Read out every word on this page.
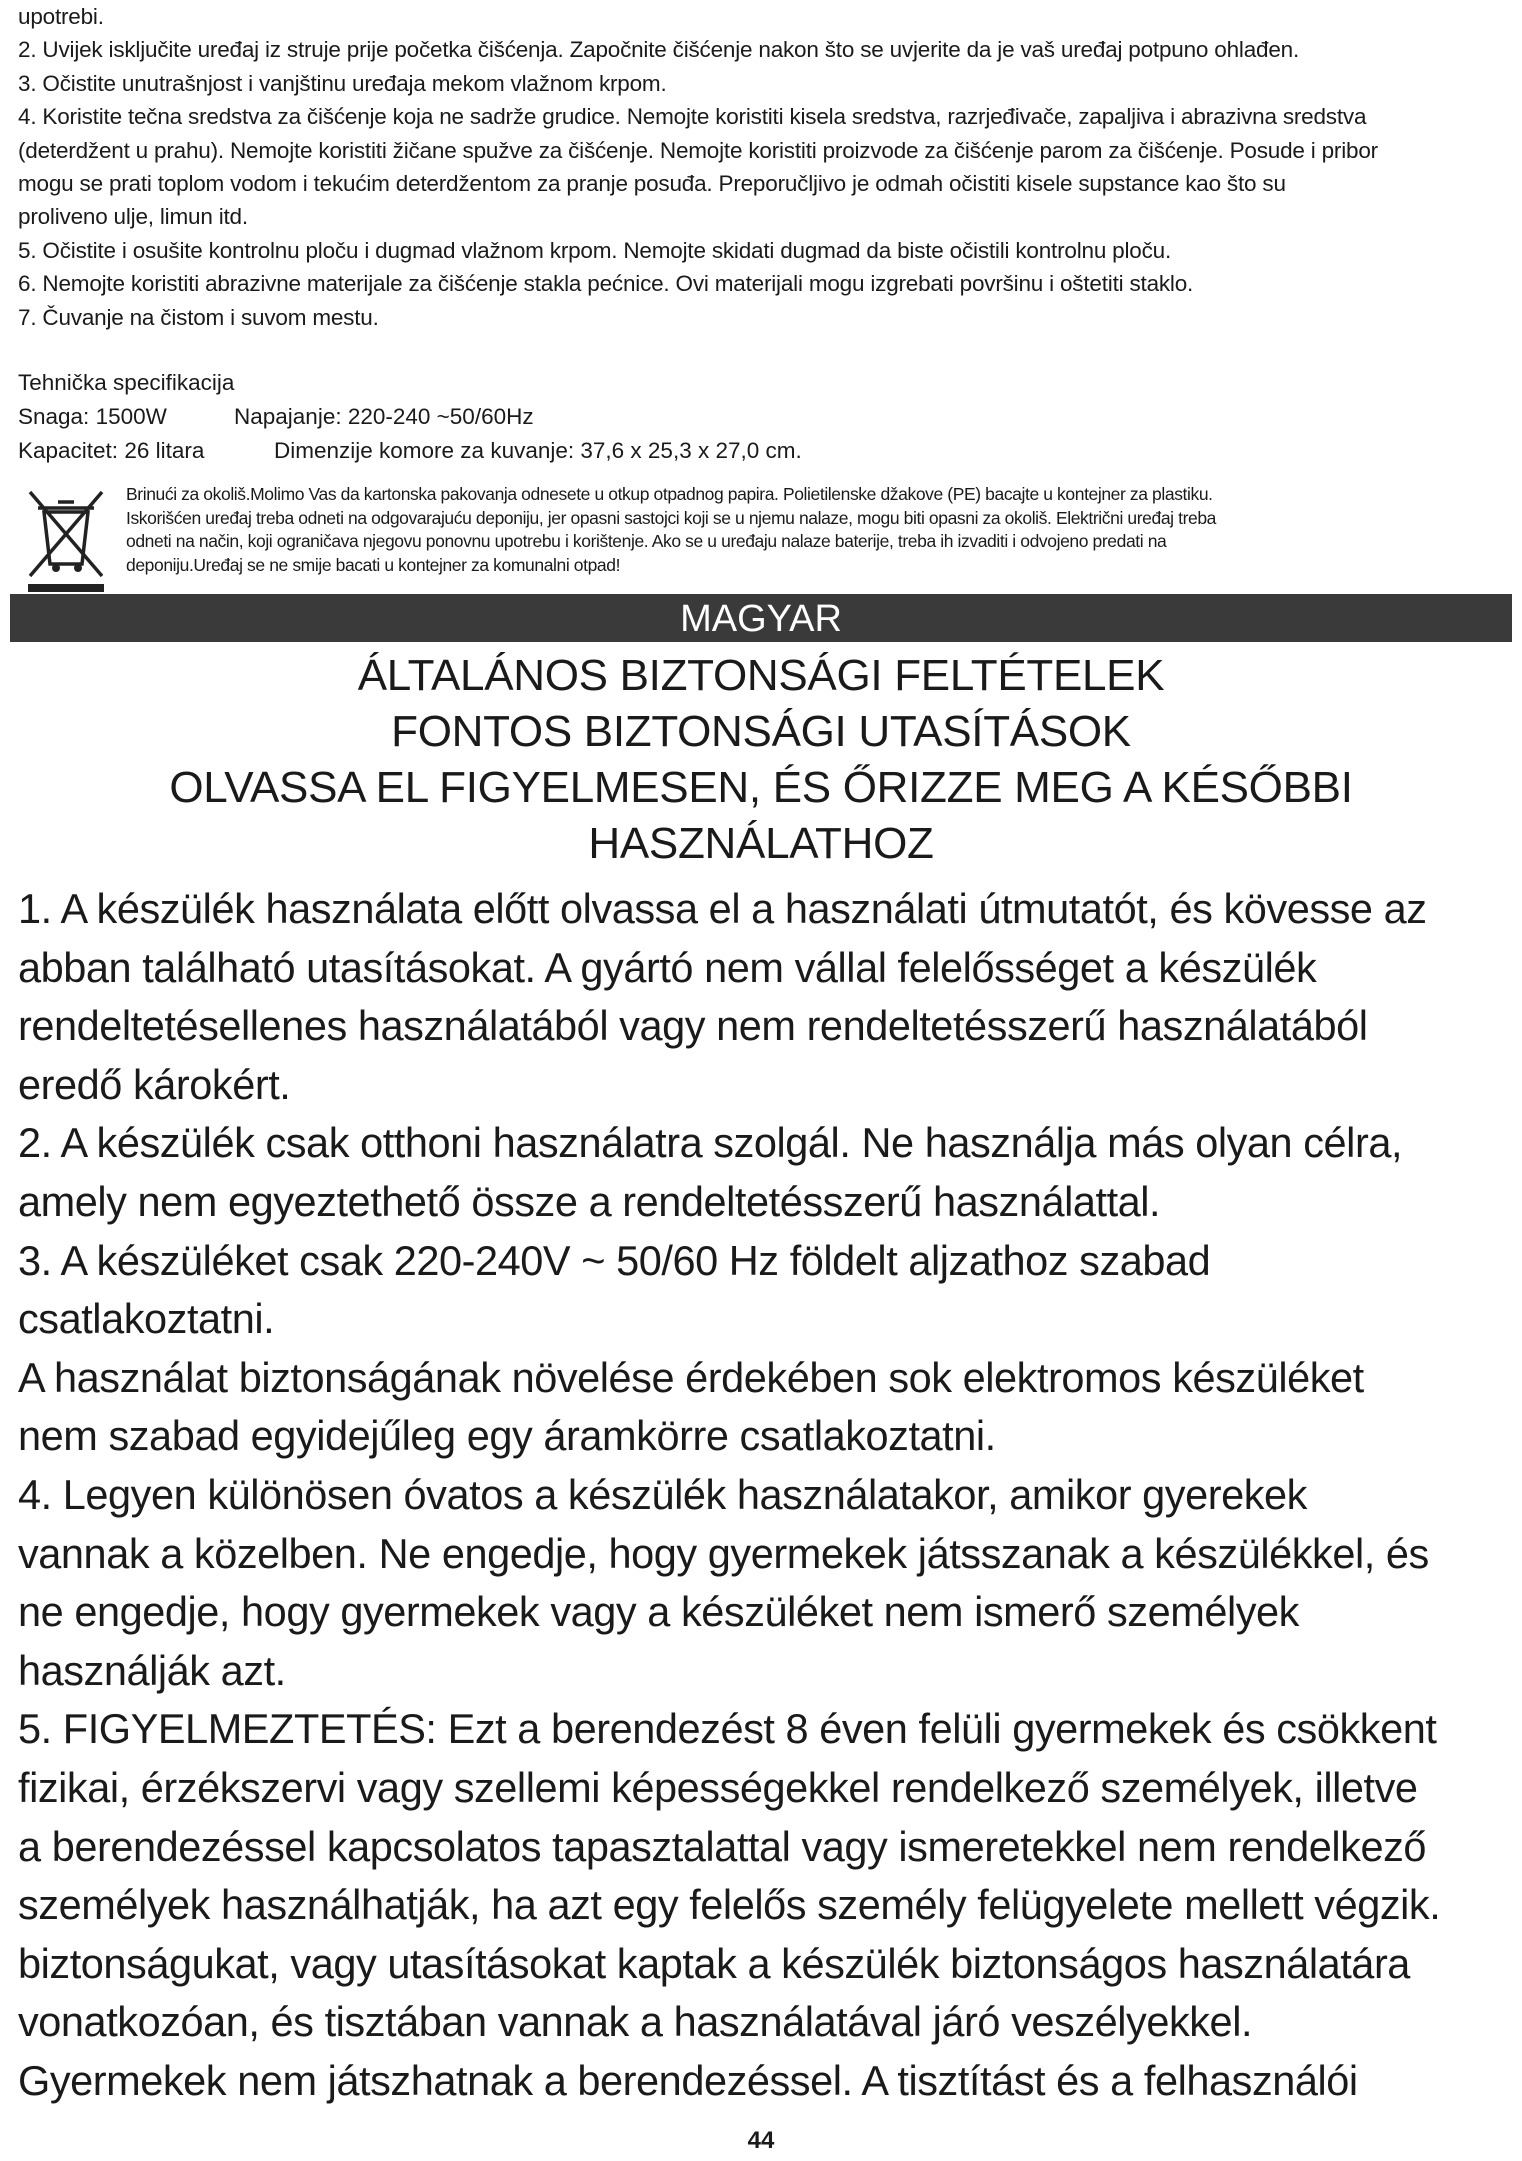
upotrebi.

2. Uvijek isključite uređaj iz struje prije početka čišćenja. Započnite čišćenje nakon što se uvjerite da je vaš uređaj potpuno ohlađen.

3. Očistite unutrašnjost i vanjštinu uređaja mekom vlažnom krpom.

4. Koristite tečna sredstva za čišćenje koja ne sadrže grudice. Nemojte koristiti kisela sredstva, razrjeđivače, zapaljiva i abrazivna sredstva

(deterdžent u prahu). Nemojte koristiti žičane spužve za čišćenje. Nemojte koristiti proizvode za čišćenje parom za čišćenje. Posude i pribor

mogu se prati toplom vodom i tekućim deterdžentom za pranje posuđa. Preporučljivo je odmah očistiti kisele supstance kao što su

proliveno ulje, limun itd.

5. Očistite i osušite kontrolnu ploču i dugmad vlažnom krpom. Nemojte skidati dugmad da biste očistili kontrolnu ploču.

6. Nemojte koristiti abrazivne materijale za čišćenje stakla pećnice. Ovi materijali mogu izgrebati površinu i oštetiti staklo.

7. Čuvanje na čistom i suvom mestu.

Tehnička specifikacija
Snaga: 1500W	Napajanje: 220-240 ~50/60Hz
Kapacitet: 26 litara	Dimenzije komore za kuvanje: 37,6 x 25,3 x 27,0 cm.

Brinući za okoliš.Molimo Vas da kartonska pakovanja odnesete u otkup otpadnog papira. Polietilenske džakove (PE) bacajte u kontejner za plastiku.

Iskorišćen uređaj treba odneti na odgovarajuću deponiju, jer opasni sastojci koji se u njemu nalaze, mogu biti opasni za okoliš. Električni uređaj treba

odneti na način, koji ograničava njegovu ponovnu upotrebu i korištenje. Ako se u uređaju nalaze baterije, treba ih izvaditi i odvojeno predati na

deponiju.Uređaj se ne smije bacati u kontejner za komunalni otpad!

MAGYAR
ÁLTALÁNOS BIZTONSÁGI FELTÉTELEK
FONTOS BIZTONSÁGI UTASÍTÁSOK
OLVASSA EL FIGYELMESEN, ÉS ŐRIZZE MEG A KÉSŐBBI
HASZNÁLATHOZ

1. A készülék használata előtt olvassa el a használati útmutatót, és kövesse az

abban található utasításokat. A gyártó nem vállal felelősséget a készülék

rendeltetésellenes használatából vagy nem rendeltetésszerű használatából

eredő károkért.

2. A készülék csak otthoni használatra szolgál. Ne használja más olyan célra,

amely nem egyeztethető össze a rendeltetésszerű használattal.

3. A készüléket csak 220-240V ~ 50/60 Hz földelt aljzathoz szabad

csatlakoztatni.

A használat biztonságának növelése érdekében sok elektromos készüléket

nem szabad egyidejűleg egy áramkörre csatlakoztatni.

4. Legyen különösen óvatos a készülék használatakor, amikor gyerekek

vannak a közelben. Ne engedje, hogy gyermekek játsszanak a készülékkel, és

ne engedje, hogy gyermekek vagy a készüléket nem ismerő személyek

használják azt.

5. FIGYELMEZTETÉS: Ezt a berendezést 8 éven felüli gyermekek és csökkent

fizikai, érzékszervi vagy szellemi képességekkel rendelkező személyek, illetve

a berendezéssel kapcsolatos tapasztalattal vagy ismeretekkel nem rendelkező

személyek használhatják, ha azt egy felelős személy felügyelete mellett végzik.

biztonságukat, vagy utasításokat kaptak a készülék biztonságos használatára

vonatkozóan, és tisztában vannak a használatával járó veszélyekkel.

Gyermekek nem játszhatnak a berendezéssel. A tisztítást és a felhasználói

44
